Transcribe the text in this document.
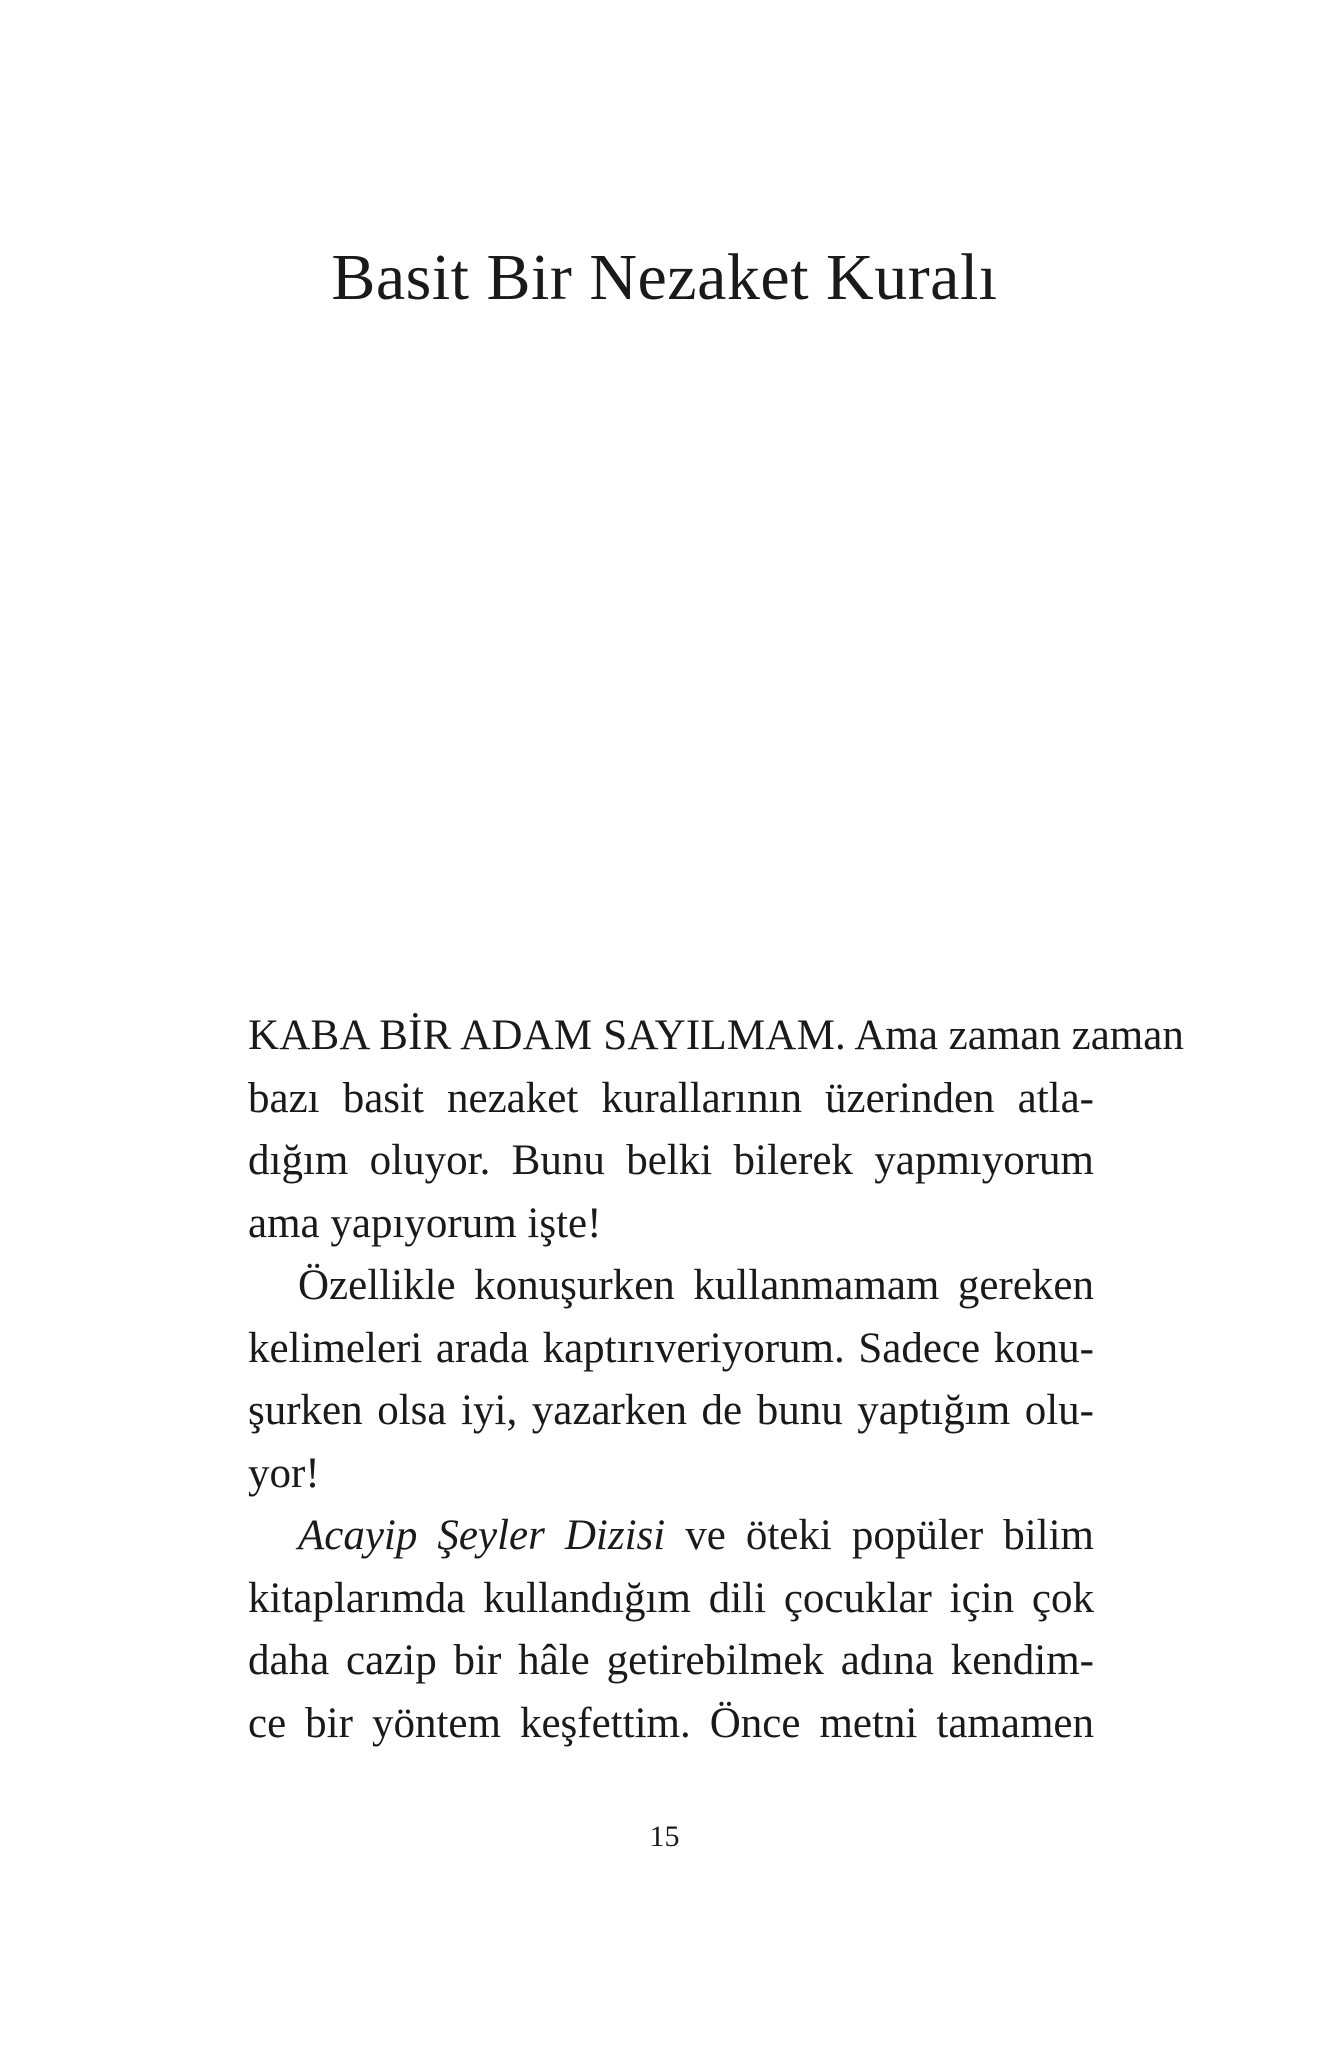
Basit Bir Nezaket Kuralı
KABA BİR ADAM SAYILMAM. Ama zaman zaman
bazı basit nezaket kurallarının üzerinden atla-
dığım oluyor. Bunu belki bilerek yapmıyorum
ama yapıyorum işte!
Özellikle konuşurken kullanmamam gereken
kelimeleri arada kaptırıveriyorum. Sadece konu-
şurken olsa iyi, yazarken de bunu yaptığım olu-
yor!
Acayip Şeyler Dizisi ve öteki popüler bilim
kitaplarımda kullandığım dili çocuklar için çok
daha cazip bir hâle getirebilmek adına kendim-
ce bir yöntem keşfettim. Önce metni tamamen
15
